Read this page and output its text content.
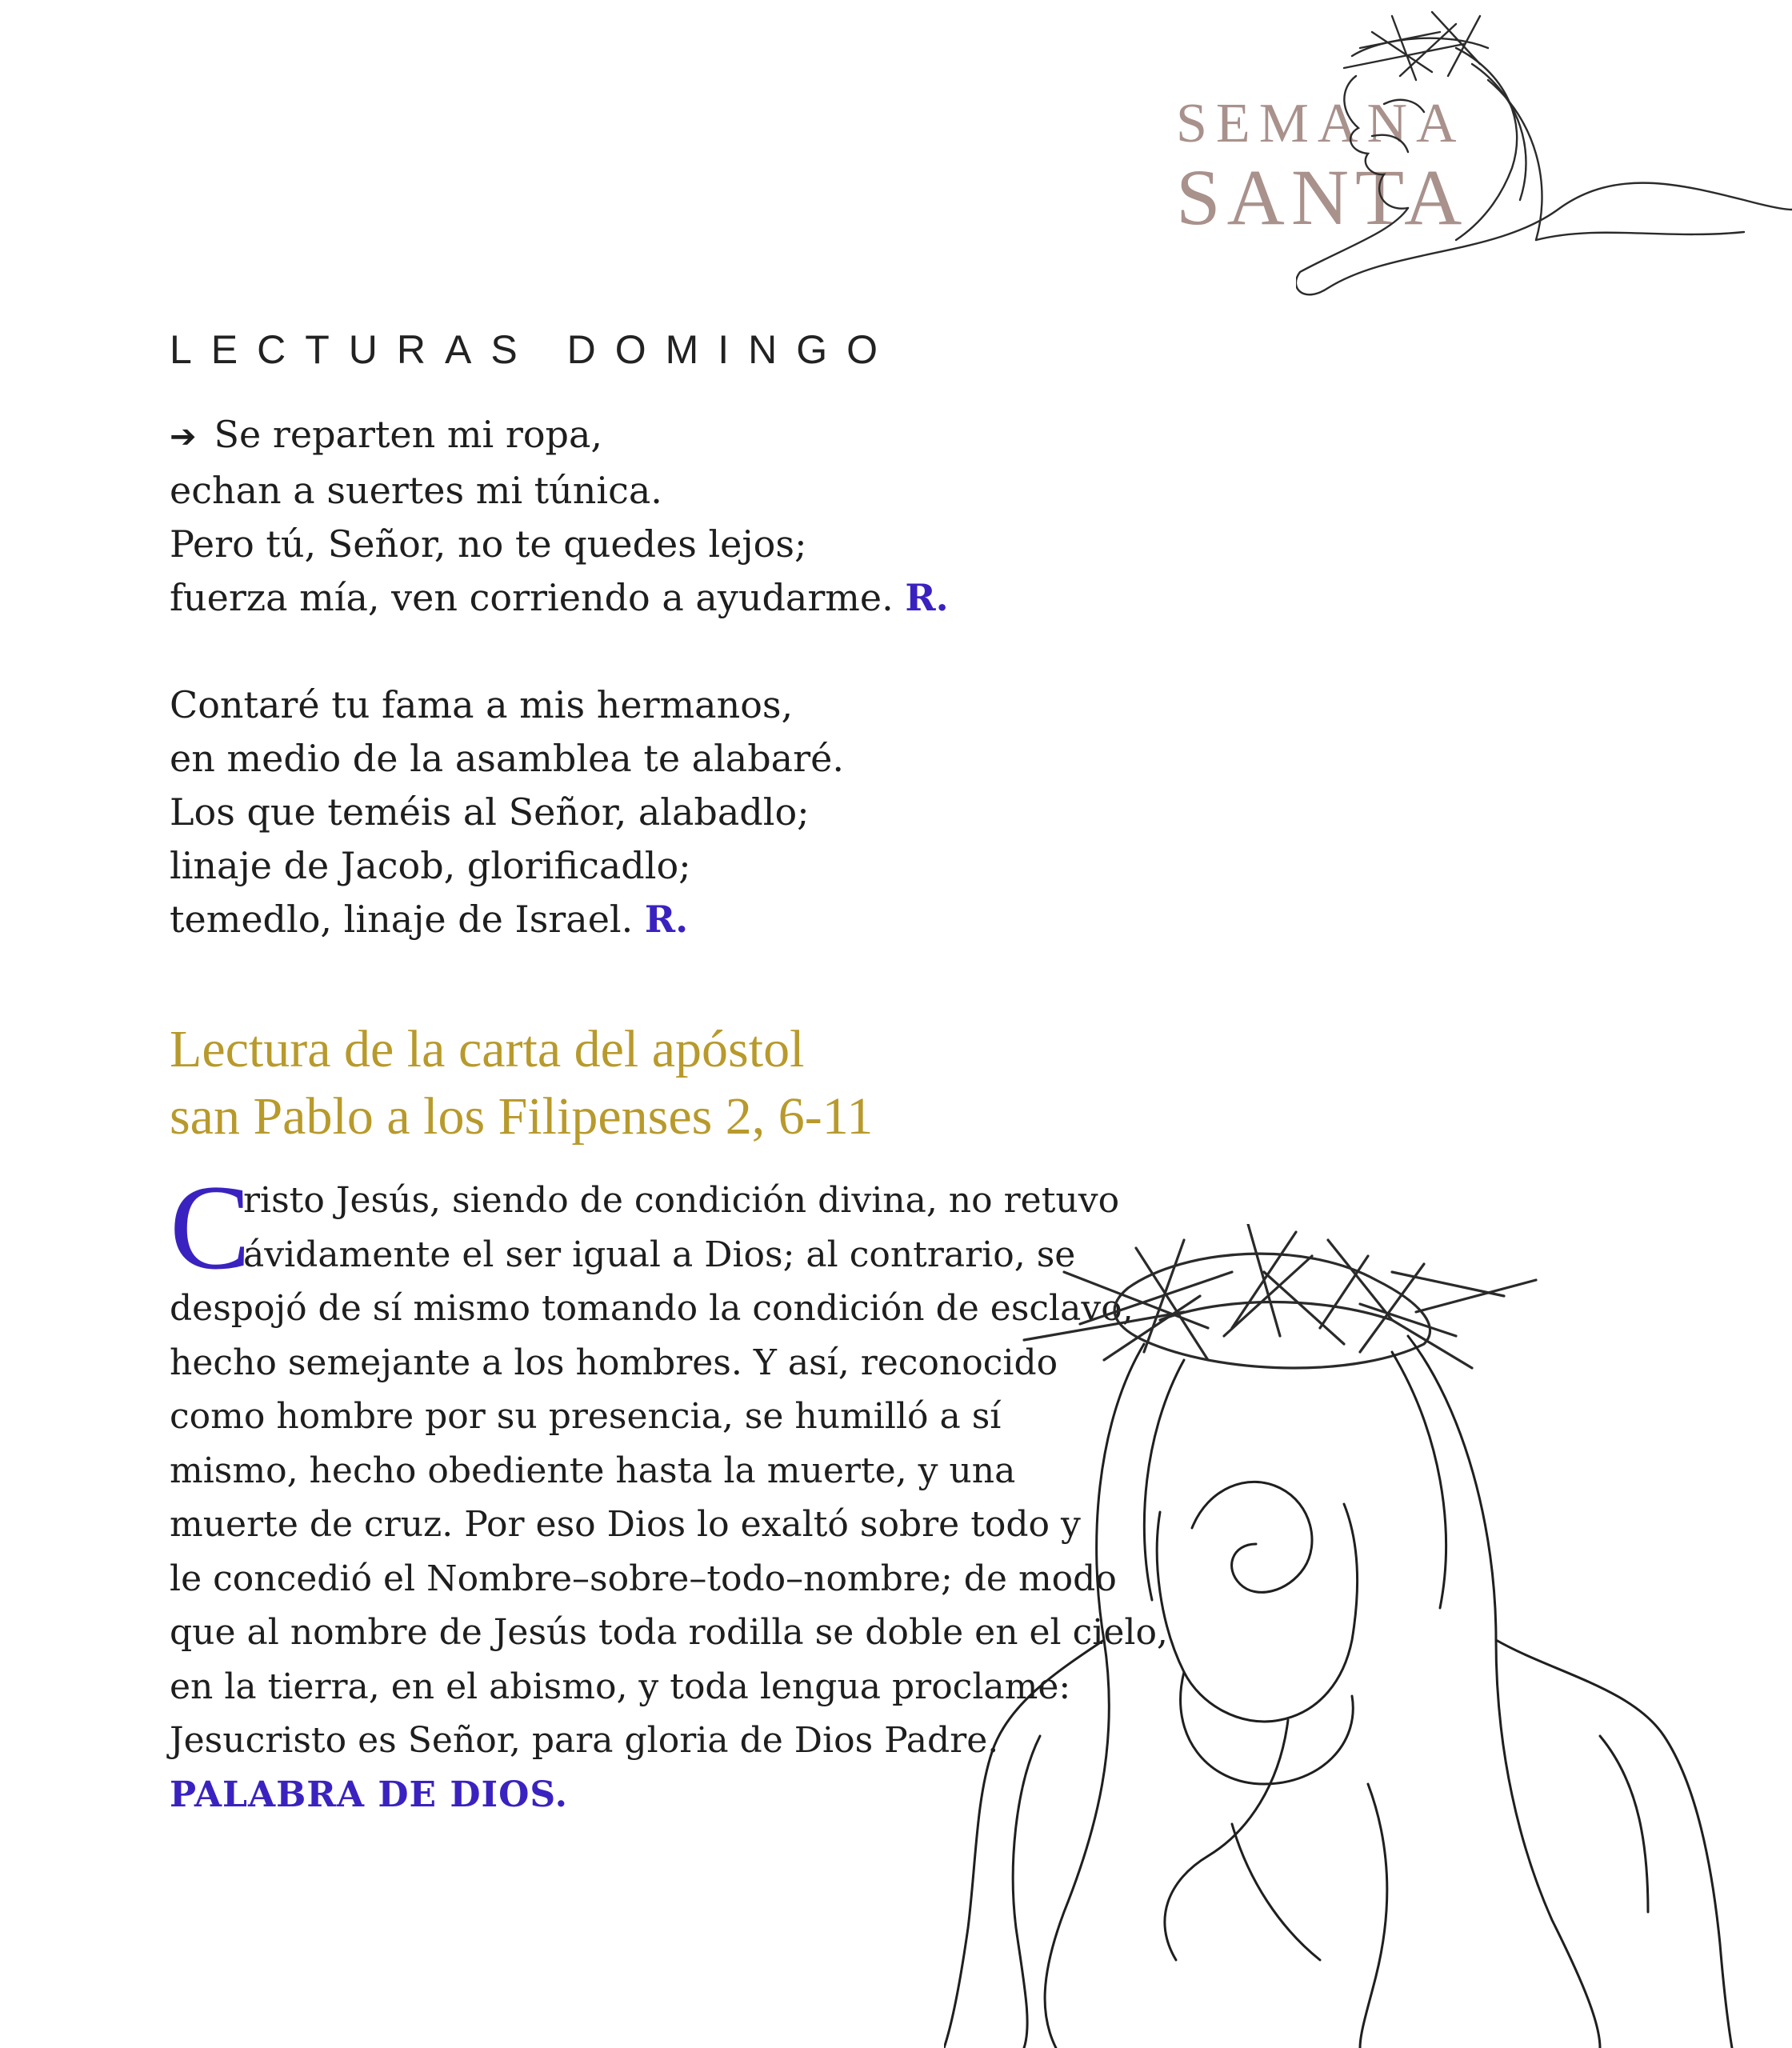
SEMANA
SANTA
LECTURAS DOMINGO
➔ Se reparten mi ropa,
echan a suertes mi túnica.
Pero tú, Señor, no te quedes lejos;
fuerza mía, ven corriendo a ayudarme. R.
Contaré tu fama a mis hermanos,
en medio de la asamblea te alabaré.
Los que teméis al Señor, alabadlo;
linaje de Jacob, glorificadlo;
temedlo, linaje de Israel. R.
Lectura de la carta del apóstol
san Pablo a los Filipenses 2, 6-11
C
risto Jesús, siendo de condición divina, no retuvo
ávidamente el ser igual a Dios; al contrario, se
despojó de sí mismo tomando la condición de esclavo,
hecho semejante a los hombres. Y así, reconocido
como hombre por su presencia, se humilló a sí
mismo, hecho obediente hasta la muerte, y una
muerte de cruz. Por eso Dios lo exaltó sobre todo y
le concedió el Nombre–sobre–todo–nombre; de modo
que al nombre de Jesús toda rodilla se doble en el cielo,
en la tierra, en el abismo, y toda lengua proclame:
Jesucristo es Señor, para gloria de Dios Padre.
PALABRA DE DIOS.
